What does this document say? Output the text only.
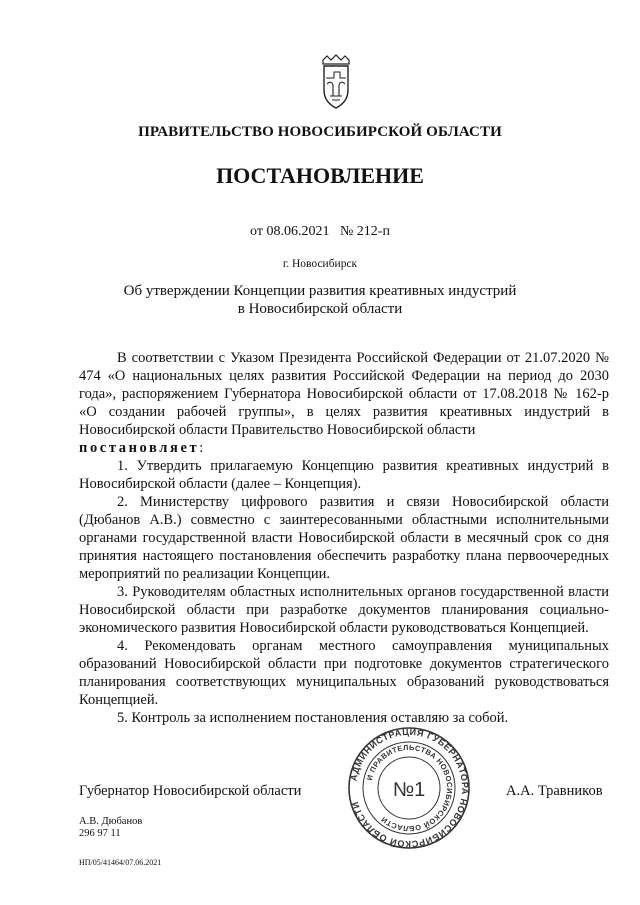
ПРАВИТЕЛЬСТВО НОВОСИБИРСКОЙ ОБЛАСТИ
ПОСТАНОВЛЕНИЕ
от 08.06.2021 № 212-п
г. Новосибирск
Об утверждении Концепции развития креативных индустрий
в Новосибирской области

В соответствии с Указом Президента Российской Федерации от 21.07.2020 № 474 «О национальных целях развития Российской Федерации на период до 2030 года», распоряжением Губернатора Новосибирской области от 17.08.2018 № 162-р «О создании рабочей группы», в целях развития креативных индустрий в Новосибирской области Правительство Новосибирской области

постановляет:

1. Утвердить прилагаемую Концепцию развития креативных индустрий в Новосибирской области (далее – Концепция).

2. Министерству цифрового развития и связи Новосибирской области (Дюбанов А.В.) совместно с заинтересованными областными исполнительными органами государственной власти Новосибирской области в месячный срок со дня принятия настоящего постановления обеспечить разработку плана первоочередных мероприятий по реализации Концепции.

3. Руководителям областных исполнительных органов государственной власти Новосибирской области при разработке документов планирования социально-экономического развития Новосибирской области руководствоваться Концепцией.

4. Рекомендовать органам местного самоуправления муниципальных образований Новосибирской области при подготовке документов стратегического планирования соответствующих муниципальных образований руководствоваться Концепцией.

5. Контроль за исполнением постановления оставляю за собой.

АДМИНИСТРАЦИЯ ГУБЕРНАТОРА НОВОСИБИРСКОЙ ОБЛАСТИ
И ПРАВИТЕЛЬСТВА НОВОСИБИРСКОЙ ОБЛАСТИ
№1
Губернатор Новосибирской области	А.А. Травников
А.В. Дюбанов
296 97 11
НП/05/41464/07.06.2021
